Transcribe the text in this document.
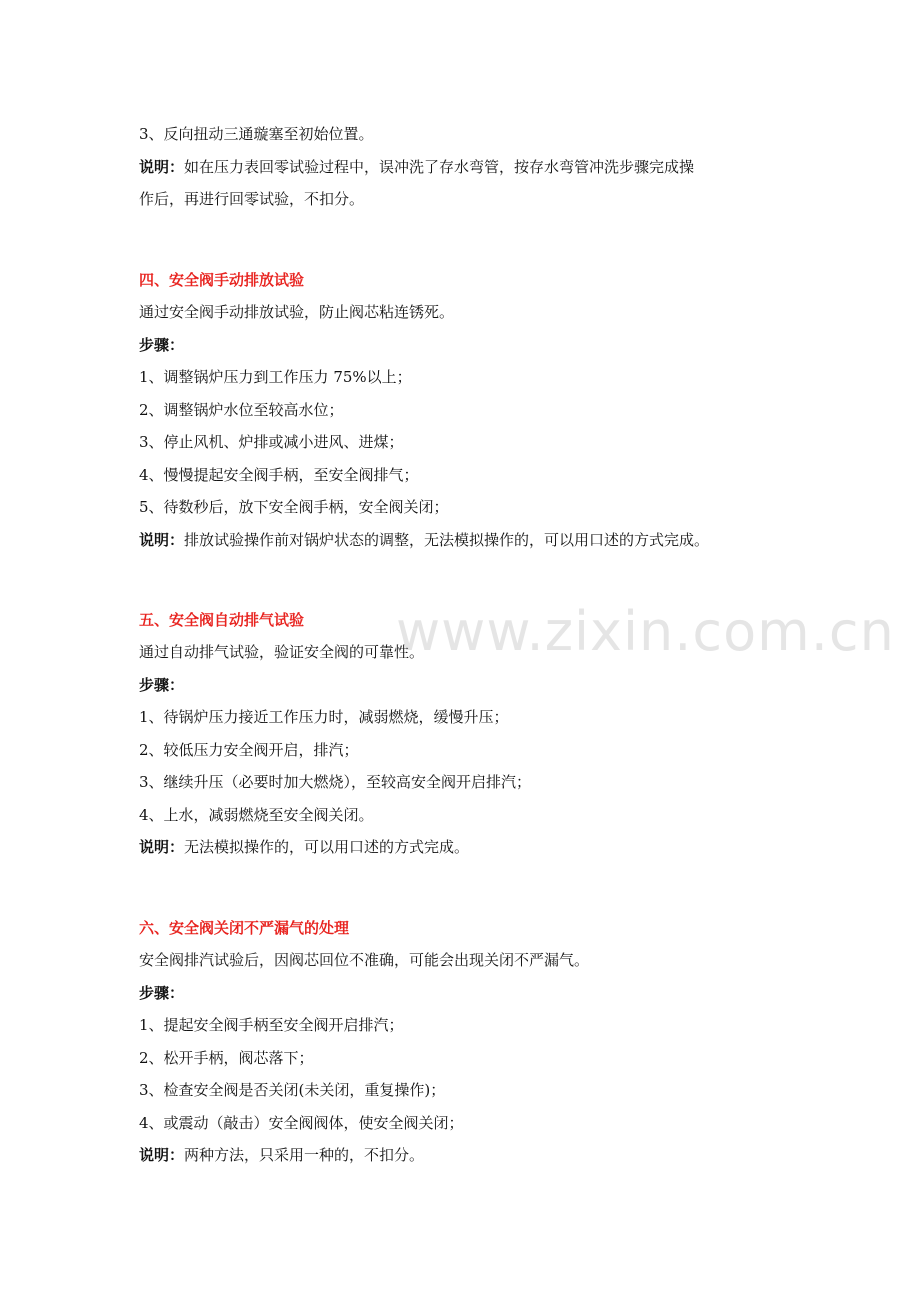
3、反向扭动三通璇塞至初始位置。
说明：如在压力表回零试验过程中，误冲洗了存水弯管，按存水弯管冲洗步骤完成操
作后，再进行回零试验，不扣分。
四、安全阀手动排放试验
通过安全阀手动排放试验，防止阀芯粘连锈死。
步骤：
1、调整锅炉压力到工作压力 75%以上；
2、调整锅炉水位至较高水位；
3、停止风机、炉排或减小进风、进煤；
4、慢慢提起安全阀手柄，至安全阀排气；
5、待数秒后，放下安全阀手柄，安全阀关闭；
说明：排放试验操作前对锅炉状态的调整，无法模拟操作的，可以用口述的方式完成。
五、安全阀自动排气试验
通过自动排气试验，验证安全阀的可靠性。
步骤：
1、待锅炉压力接近工作压力时，减弱燃烧，缓慢升压；
2、较低压力安全阀开启，排汽；
3、继续升压（必要时加大燃烧），至较高安全阀开启排汽；
4、上水，减弱燃烧至安全阀关闭。
说明：无法模拟操作的，可以用口述的方式完成。
六、安全阀关闭不严漏气的处理
安全阀排汽试验后，因阀芯回位不准确，可能会出现关闭不严漏气。
步骤：
1、提起安全阀手柄至安全阀开启排汽；
2、松开手柄，阀芯落下；
3、检查安全阀是否关闭(未关闭，重复操作)；
4、或震动（敲击）安全阀阀体，使安全阀关闭；
说明：两种方法，只采用一种的，不扣分。
www.zixin.com.cn
